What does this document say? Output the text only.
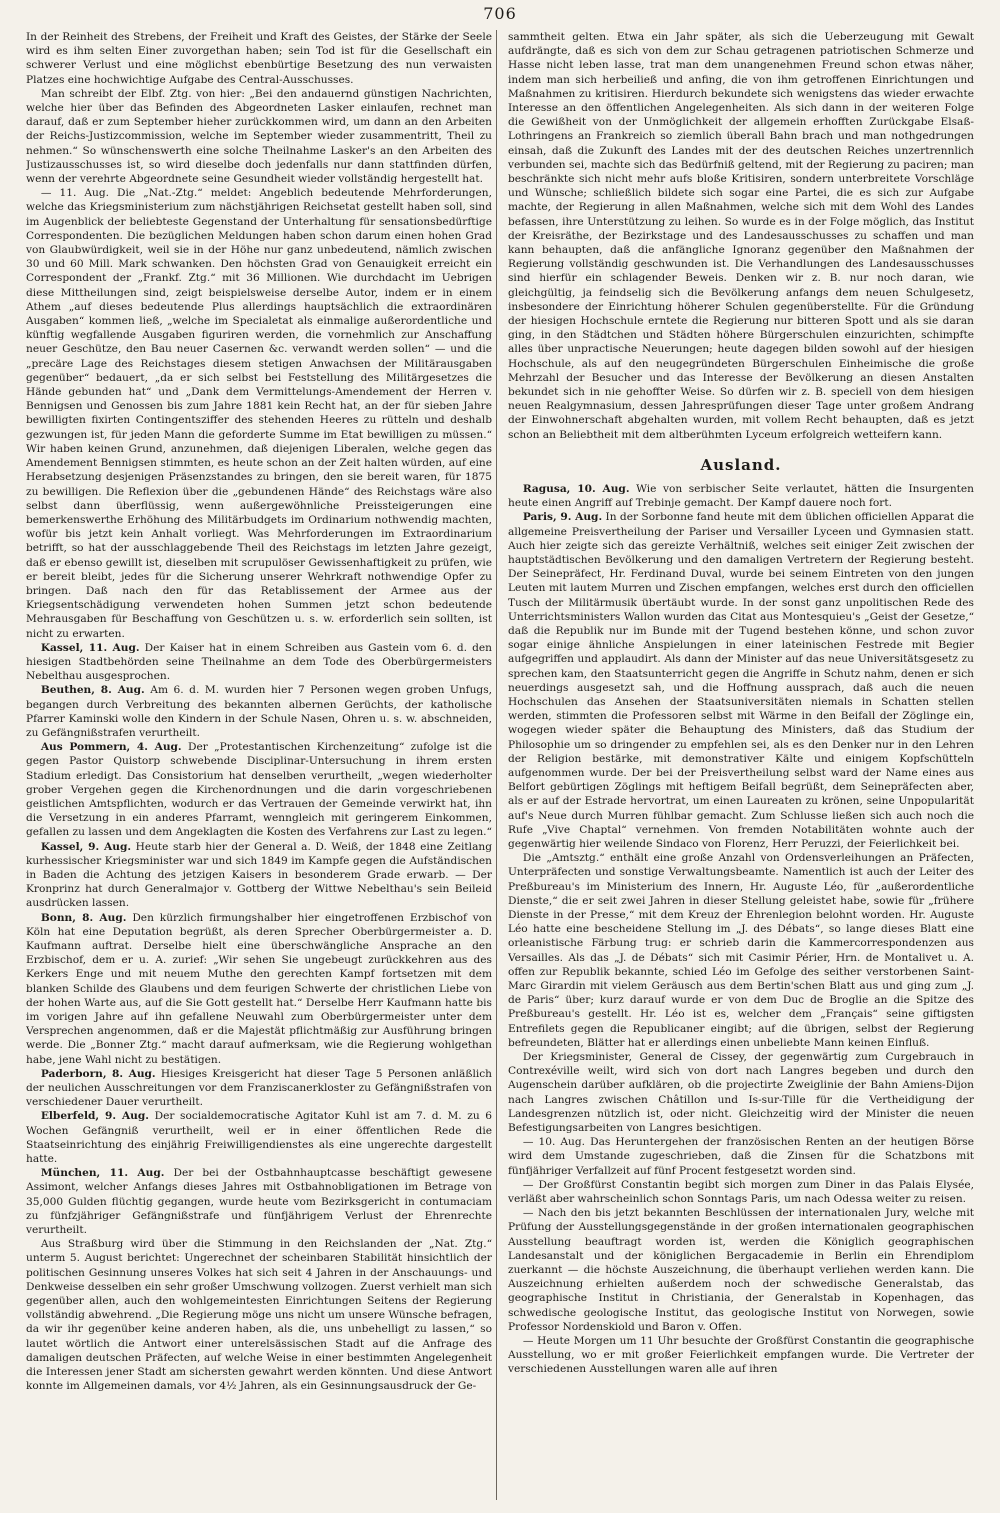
706

In der Reinheit des Strebens, der Freiheit und Kraft des Geistes, der Stärke der Seele wird es ihm selten Einer zuvorgethan haben; sein Tod ist für die Gesellschaft ein schwerer Verlust und eine möglichst ebenbürtige Besetzung des nun verwaisten Platzes eine hochwichtige Aufgabe des Central-Ausschusses.

Man schreibt der Elbf. Ztg. von hier: „Bei den andauernd günstigen Nachrichten, welche hier über das Befinden des Abgeordneten Lasker einlaufen, rechnet man darauf, daß er zum September hieher zurückkommen wird, um dann an den Arbeiten der Reichs-Justizcommission, welche im September wieder zusammentritt, Theil zu nehmen.“ So wünschenswerth eine solche Theilnahme Lasker's an den Arbeiten des Justizausschusses ist, so wird dieselbe doch jedenfalls nur dann stattfinden dürfen, wenn der verehrte Abgeordnete seine Gesundheit wieder vollständig hergestellt hat.

— 11. Aug. Die „Nat.-Ztg.“ meldet: Angeblich bedeutende Mehrforderungen, welche das Kriegsministerium zum nächstjährigen Reichsetat gestellt haben soll, sind im Augenblick der beliebteste Gegenstand der Unterhaltung für sensationsbedürftige Correspondenten. Die bezüglichen Meldungen haben schon darum einen hohen Grad von Glaubwürdigkeit, weil sie in der Höhe nur ganz unbedeutend, nämlich zwischen 30 und 60 Mill. Mark schwanken. Den höchsten Grad von Genauigkeit erreicht ein Correspondent der „Frankf. Ztg.“ mit 36 Millionen. Wie durchdacht im Uebrigen diese Mittheilungen sind, zeigt beispielsweise derselbe Autor, indem er in einem Athem „auf dieses bedeutende Plus allerdings hauptsächlich die extraordinären Ausgaben“ kommen ließ, „welche im Specialetat als einmalige außerordentliche und künftig wegfallende Ausgaben figuriren werden, die vornehmlich zur Anschaffung neuer Geschütze, den Bau neuer Casernen &c. verwandt werden sollen“ — und die „precäre Lage des Reichstages diesem stetigen Anwachsen der Militärausgaben gegenüber“ bedauert, „da er sich selbst bei Feststellung des Militärgesetzes die Hände gebunden hat“ und „Dank dem Vermittelungs-Amendement der Herren v. Bennigsen und Genossen bis zum Jahre 1881 kein Recht hat, an der für sieben Jahre bewilligten fixirten Contingentsziffer des stehenden Heeres zu rütteln und deshalb gezwungen ist, für jeden Mann die geforderte Summe im Etat bewilligen zu müssen.“ Wir haben keinen Grund, anzunehmen, daß diejenigen Liberalen, welche gegen das Amendement Bennigsen stimmten, es heute schon an der Zeit halten würden, auf eine Herabsetzung desjenigen Präsenzstandes zu bringen, den sie bereit waren, für 1875 zu bewilligen. Die Reflexion über die „gebundenen Hände“ des Reichstags wäre also selbst dann überflüssig, wenn außergewöhnliche Preissteigerungen eine bemerkenswerthe Erhöhung des Militärbudgets im Ordinarium nothwendig machten, wofür bis jetzt kein Anhalt vorliegt. Was Mehrforderungen im Extraordinarium betrifft, so hat der ausschlaggebende Theil des Reichstags im letzten Jahre gezeigt, daß er ebenso gewillt ist, dieselben mit scrupulöser Gewissenhaftigkeit zu prüfen, wie er bereit bleibt, jedes für die Sicherung unserer Wehrkraft nothwendige Opfer zu bringen. Daß nach den für das Retablissement der Armee aus der Kriegsentschädigung verwendeten hohen Summen jetzt schon bedeutende Mehrausgaben für Beschaffung von Geschützen u. s. w. erforderlich sein sollten, ist nicht zu erwarten.

Kassel, 11. Aug. Der Kaiser hat in einem Schreiben aus Gastein vom 6. d. den hiesigen Stadtbehörden seine Theilnahme an dem Tode des Oberbürgermeisters Nebelthau ausgesprochen.

Beuthen, 8. Aug. Am 6. d. M. wurden hier 7 Personen wegen groben Unfugs, begangen durch Verbreitung des bekannten albernen Gerüchts, der katholische Pfarrer Kaminski wolle den Kindern in der Schule Nasen, Ohren u. s. w. abschneiden, zu Gefängnißstrafen verurtheilt.

Aus Pommern, 4. Aug. Der „Protestantischen Kirchenzeitung“ zufolge ist die gegen Pastor Quistorp schwebende Disciplinar-Untersuchung in ihrem ersten Stadium erledigt. Das Consistorium hat denselben verurtheilt, „wegen wiederholter grober Vergehen gegen die Kirchenordnungen und die darin vorgeschriebenen geistlichen Amtspflichten, wodurch er das Vertrauen der Gemeinde verwirkt hat, ihn die Versetzung in ein anderes Pfarramt, wenngleich mit geringerem Einkommen, gefallen zu lassen und dem Angeklagten die Kosten des Verfahrens zur Last zu legen.“

Kassel, 9. Aug. Heute starb hier der General a. D. Weiß, der 1848 eine Zeitlang kurhessischer Kriegsminister war und sich 1849 im Kampfe gegen die Aufständischen in Baden die Achtung des jetzigen Kaisers in besonderem Grade erwarb. — Der Kronprinz hat durch Generalmajor v. Gottberg der Wittwe Nebelthau's sein Beileid ausdrücken lassen.

Bonn, 8. Aug. Den kürzlich firmungshalber hier eingetroffenen Erzbischof von Köln hat eine Deputation begrüßt, als deren Sprecher Oberbürgermeister a. D. Kaufmann auftrat. Derselbe hielt eine überschwängliche Ansprache an den Erzbischof, dem er u. A. zurief: „Wir sehen Sie ungebeugt zurückkehren aus des Kerkers Enge und mit neuem Muthe den gerechten Kampf fortsetzen mit dem blanken Schilde des Glaubens und dem feurigen Schwerte der christlichen Liebe von der hohen Warte aus, auf die Sie Gott gestellt hat.“ Derselbe Herr Kaufmann hatte bis im vorigen Jahre auf ihn gefallene Neuwahl zum Oberbürgermeister unter dem Versprechen angenommen, daß er die Majestät pflichtmäßig zur Ausführung bringen werde. Die „Bonner Ztg.“ macht darauf aufmerksam, wie die Regierung wohlgethan habe, jene Wahl nicht zu bestätigen.

Paderborn, 8. Aug. Hiesiges Kreisgericht hat dieser Tage 5 Personen anläßlich der neulichen Ausschreitungen vor dem Franziscanerkloster zu Gefängnißstrafen von verschiedener Dauer verurtheilt.

Elberfeld, 9. Aug. Der socialdemocratische Agitator Kuhl ist am 7. d. M. zu 6 Wochen Gefängniß verurtheilt, weil er in einer öffentlichen Rede die Staatseinrichtung des einjährig Freiwilligendienstes als eine ungerechte dargestellt hatte.

München, 11. Aug. Der bei der Ostbahnhauptcasse beschäftigt gewesene Assimont, welcher Anfangs dieses Jahres mit Ostbahnobligationen im Betrage von 35,000 Gulden flüchtig gegangen, wurde heute vom Bezirksgericht in contumaciam zu fünfzjähriger Gefängnißstrafe und fünfjährigem Verlust der Ehrenrechte verurtheilt.

Aus Straßburg wird über die Stimmung in den Reichslanden der „Nat. Ztg.“ unterm 5. August berichtet: Ungerechnet der scheinbaren Stabilität hinsichtlich der politischen Gesinnung unseres Volkes hat sich seit 4 Jahren in der Anschauungs- und Denkweise desselben ein sehr großer Umschwung vollzogen. Zuerst verhielt man sich gegenüber allen, auch den wohlgemeintesten Einrichtungen Seitens der Regierung vollständig abwehrend. „Die Regierung möge uns nicht um unsere Wünsche befragen, da wir ihr gegenüber keine anderen haben, als die, uns unbehelligt zu lassen,“ so lautet wörtlich die Antwort einer unterelsässischen Stadt auf die Anfrage des damaligen deutschen Präfecten, auf welche Weise in einer bestimmten Angelegenheit die Interessen jener Stadt am sichersten gewahrt werden könnten. Und diese Antwort konnte im Allgemeinen damals, vor 4½ Jahren, als ein Gesinnungsausdruck der Ge-

sammtheit gelten. Etwa ein Jahr später, als sich die Ueberzeugung mit Gewalt aufdrängte, daß es sich von dem zur Schau getragenen patriotischen Schmerze und Hasse nicht leben lasse, trat man dem unangenehmen Freund schon etwas näher, indem man sich herbeiließ und anfing, die von ihm getroffenen Einrichtungen und Maßnahmen zu kritisiren. Hierdurch bekundete sich wenigstens das wieder erwachte Interesse an den öffentlichen Angelegenheiten. Als sich dann in der weiteren Folge die Gewißheit von der Unmöglichkeit der allgemein erhofften Zurückgabe Elsaß-Lothringens an Frankreich so ziemlich überall Bahn brach und man nothgedrungen einsah, daß die Zukunft des Landes mit der des deutschen Reiches unzertrennlich verbunden sei, machte sich das Bedürfniß geltend, mit der Regierung zu paciren; man beschränkte sich nicht mehr aufs bloße Kritisiren, sondern unterbreitete Vorschläge und Wünsche; schließlich bildete sich sogar eine Partei, die es sich zur Aufgabe machte, der Regierung in allen Maßnahmen, welche sich mit dem Wohl des Landes befassen, ihre Unterstützung zu leihen. So wurde es in der Folge möglich, das Institut der Kreisräthe, der Bezirkstage und des Landesausschusses zu schaffen und man kann behaupten, daß die anfängliche Ignoranz gegenüber den Maßnahmen der Regierung vollständig geschwunden ist. Die Verhandlungen des Landesausschusses sind hierfür ein schlagender Beweis. Denken wir z. B. nur noch daran, wie gleichgültig, ja feindselig sich die Bevölkerung anfangs dem neuen Schulgesetz, insbesondere der Einrichtung höherer Schulen gegenüberstellte. Für die Gründung der hiesigen Hochschule erntete die Regierung nur bitteren Spott und als sie daran ging, in den Städtchen und Städten höhere Bürgerschulen einzurichten, schimpfte alles über unpractische Neuerungen; heute dagegen bilden sowohl auf der hiesigen Hochschule, als auf den neugegründeten Bürgerschulen Einheimische die große Mehrzahl der Besucher und das Interesse der Bevölkerung an diesen Anstalten bekundet sich in nie gehoffter Weise. So dürfen wir z. B. speciell von dem hiesigen neuen Realgymnasium, dessen Jahresprüfungen dieser Tage unter großem Andrang der Einwohnerschaft abgehalten wurden, mit vollem Recht behaupten, daß es jetzt schon an Beliebtheit mit dem altberühmten Lyceum erfolgreich wetteifern kann.

Ausland.

Ragusa, 10. Aug. Wie von serbischer Seite verlautet, hätten die Insurgenten heute einen Angriff auf Trebinje gemacht. Der Kampf dauere noch fort.

Paris, 9. Aug. In der Sorbonne fand heute mit dem üblichen officiellen Apparat die allgemeine Preisvertheilung der Pariser und Versailler Lyceen und Gymnasien statt. Auch hier zeigte sich das gereizte Verhältniß, welches seit einiger Zeit zwischen der hauptstädtischen Bevölkerung und den damaligen Vertretern der Regierung besteht. Der Seinepräfect, Hr. Ferdinand Duval, wurde bei seinem Eintreten von den jungen Leuten mit lautem Murren und Zischen empfangen, welches erst durch den officiellen Tusch der Militärmusik übertäubt wurde. In der sonst ganz unpolitischen Rede des Unterrichtsministers Wallon wurden das Citat aus Montesquieu's „Geist der Gesetze,“ daß die Republik nur im Bunde mit der Tugend bestehen könne, und schon zuvor sogar einige ähnliche Anspielungen in einer lateinischen Festrede mit Begier aufgegriffen und applaudirt. Als dann der Minister auf das neue Universitätsgesetz zu sprechen kam, den Staatsunterricht gegen die Angriffe in Schutz nahm, denen er sich neuerdings ausgesetzt sah, und die Hoffnung aussprach, daß auch die neuen Hochschulen das Ansehen der Staatsuniversitäten niemals in Schatten stellen werden, stimmten die Professoren selbst mit Wärme in den Beifall der Zöglinge ein, wogegen wieder später die Behauptung des Ministers, daß das Studium der Philosophie um so dringender zu empfehlen sei, als es den Denker nur in den Lehren der Religion bestärke, mit demonstrativer Kälte und einigem Kopfschütteln aufgenommen wurde. Der bei der Preisvertheilung selbst ward der Name eines aus Belfort gebürtigen Zöglings mit heftigem Beifall begrüßt, dem Seinepräfecten aber, als er auf der Estrade hervortrat, um einen Laureaten zu krönen, seine Unpopularität auf's Neue durch Murren fühlbar gemacht. Zum Schlusse ließen sich auch noch die Rufe „Vive Chaptal“ vernehmen. Von fremden Notabilitäten wohnte auch der gegenwärtig hier weilende Sindaco von Florenz, Herr Peruzzi, der Feierlichkeit bei.

Die „Amtsztg.“ enthält eine große Anzahl von Ordensverleihungen an Präfecten, Unterpräfecten und sonstige Verwaltungsbeamte. Namentlich ist auch der Leiter des Preßbureau's im Ministerium des Innern, Hr. Auguste Léo, für „außerordentliche Dienste,“ die er seit zwei Jahren in dieser Stellung geleistet habe, sowie für „frühere Dienste in der Presse,“ mit dem Kreuz der Ehrenlegion belohnt worden. Hr. Auguste Léo hatte eine bescheidene Stellung im „J. des Débats“, so lange dieses Blatt eine orleanistische Färbung trug: er schrieb darin die Kammercorrespondenzen aus Versailles. Als das „J. de Débats“ sich mit Casimir Périer, Hrn. de Montalivet u. A. offen zur Republik bekannte, schied Léo im Gefolge des seither verstorbenen Saint-Marc Girardin mit vielem Geräusch aus dem Bertin'schen Blatt aus und ging zum „J. de Paris“ über; kurz darauf wurde er von dem Duc de Broglie an die Spitze des Preßbureau's gestellt. Hr. Léo ist es, welcher dem „Français“ seine giftigsten Entrefilets gegen die Republicaner eingibt; auf die übrigen, selbst der Regierung befreundeten, Blätter hat er allerdings einen unbeliebte Mann keinen Einfluß.

Der Kriegsminister, General de Cissey, der gegenwärtig zum Curgebrauch in Contrexéville weilt, wird sich von dort nach Langres begeben und durch den Augenschein darüber aufklären, ob die projectirte Zweiglinie der Bahn Amiens-Dijon nach Langres zwischen Châtillon und Is-sur-Tille für die Vertheidigung der Landesgrenzen nützlich ist, oder nicht. Gleichzeitig wird der Minister die neuen Befestigungsarbeiten von Langres besichtigen.

— 10. Aug. Das Heruntergehen der französischen Renten an der heutigen Börse wird dem Umstande zugeschrieben, daß die Zinsen für die Schatzbons mit fünfjähriger Verfallzeit auf fünf Procent festgesetzt worden sind.

— Der Großfürst Constantin begibt sich morgen zum Diner in das Palais Elysée, verläßt aber wahrscheinlich schon Sonntags Paris, um nach Odessa weiter zu reisen.

— Nach den bis jetzt bekannten Beschlüssen der internationalen Jury, welche mit Prüfung der Ausstellungsgegenstände in der großen internationalen geographischen Ausstellung beauftragt worden ist, werden die Königlich geographischen Landesanstalt und der königlichen Bergacademie in Berlin ein Ehrendiplom zuerkannt — die höchste Auszeichnung, die überhaupt verliehen werden kann. Die Auszeichnung erhielten außerdem noch der schwedische Generalstab, das geographische Institut in Christiania, der Generalstab in Kopenhagen, das schwedische geologische Institut, das geologische Institut von Norwegen, sowie Professor Nordenskiold und Baron v. Offen.

— Heute Morgen um 11 Uhr besuchte der Großfürst Constantin die geographische Ausstellung, wo er mit großer Feierlichkeit empfangen wurde. Die Vertreter der verschiedenen Ausstellungen waren alle auf ihren
